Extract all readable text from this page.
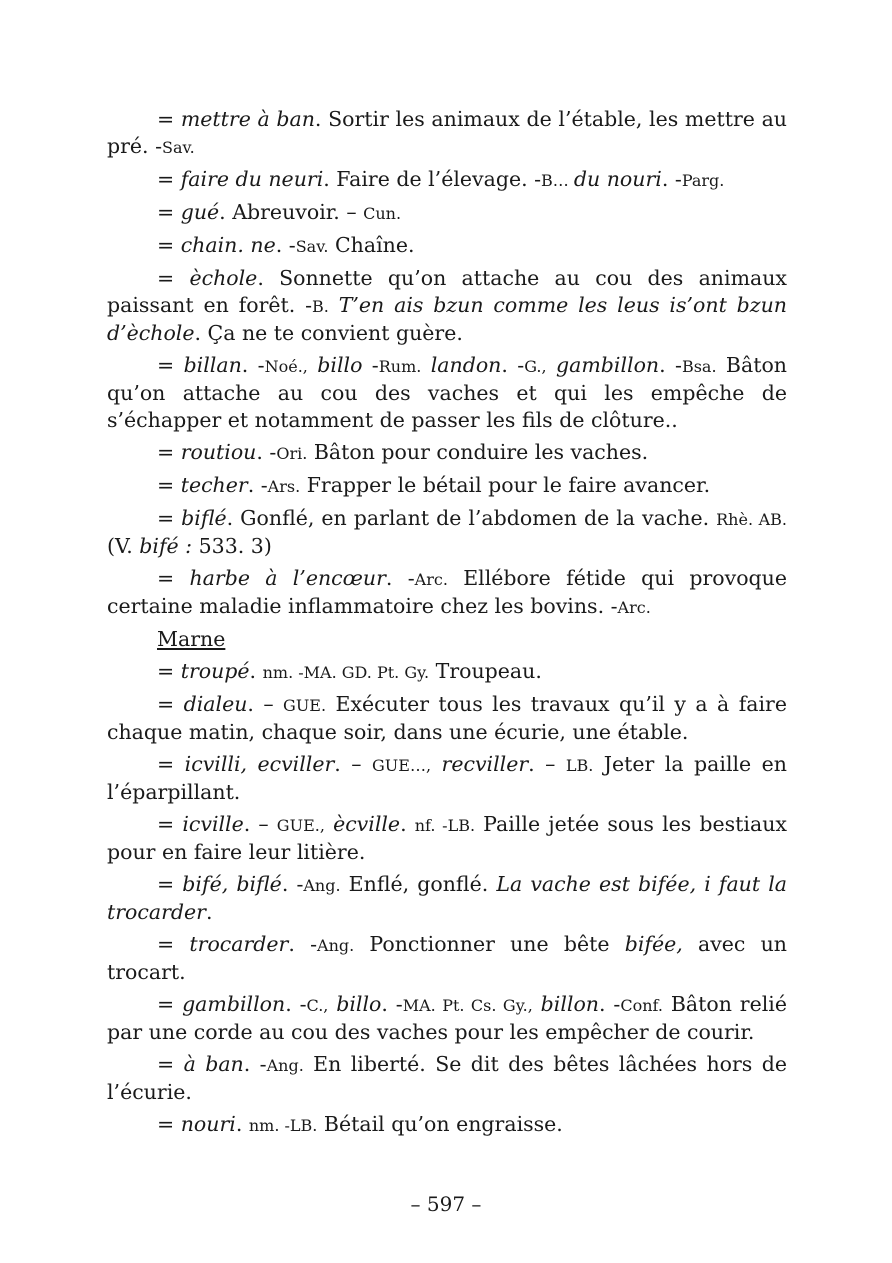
= mettre à ban. Sortir les animaux de l’étable, les mettre au pré. -Sav.

= faire du neuri. Faire de l’élevage. -B… du nouri. -Parg.

= gué. Abreuvoir. – Cun.

= chain. ne. -Sav. Chaîne.

= èchole. Sonnette qu’on attache au cou des animaux paissant en forêt. -B. T’en ais bzun comme les leus is’ont bzun d’èchole. Ça ne te convient guère.

= billan. -Noé., billo -Rum. landon. -G., gambillon. -Bsa. Bâton qu’on attache au cou des vaches et qui les empêche de s’échapper et notamment de passer les fils de clôture..

= routiou. -Ori. Bâton pour conduire les vaches.

= techer. -Ars. Frapper le bétail pour le faire avancer.

= biflé. Gonflé, en parlant de l’abdomen de la vache. Rhè. AB. (V. bifé : 533. 3)

= harbe à l’encœur. -Arc. Ellébore fétide qui provoque certaine maladie inflammatoire chez les bovins. -Arc.

Marne

= troupé. nm. -MA. GD. Pt. Gy. Troupeau.

= dialeu. – GUE. Exécuter tous les travaux qu’il y a à faire chaque matin, chaque soir, dans une écurie, une étable.

= icvilli, ecviller. – GUE…, recviller. – LB. Jeter la paille en l’éparpillant.

= icville. – GUE., ècville. nf. -LB. Paille jetée sous les bestiaux pour en faire leur litière.

= bifé, biflé. -Ang. Enflé, gonflé. La vache est bifée, i faut la trocarder.

= trocarder. -Ang. Ponctionner une bête bifée, avec un trocart.

= gambillon. -C., billo. -MA. Pt. Cs. Gy., billon. -Conf. Bâton relié par une corde au cou des vaches pour les empêcher de courir.

= à ban. -Ang. En liberté. Se dit des bêtes lâchées hors de l’écurie.

= nouri. nm. -LB. Bétail qu’on engraisse.

– 597 –
